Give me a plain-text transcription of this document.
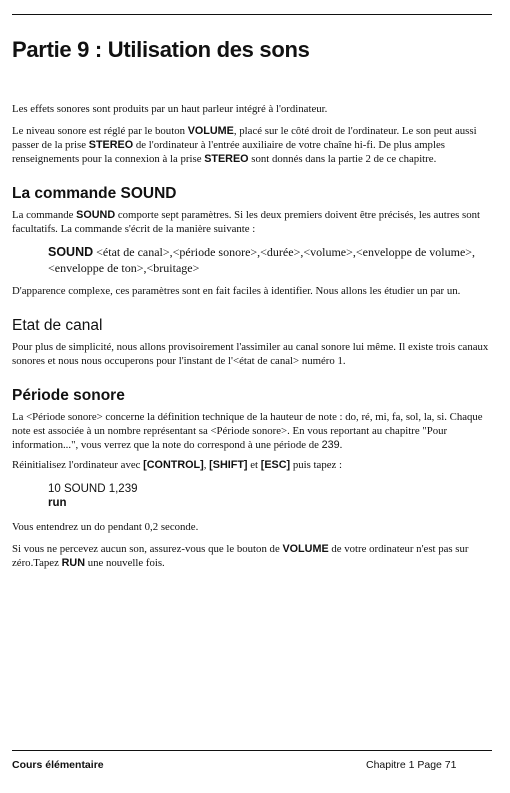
Partie 9 : Utilisation des sons

Les effets sonores sont produits par un haut parleur intégré à l'ordinateur.

Le niveau sonore est réglé par le bouton VOLUME, placé sur le côté droit de l'ordinateur. Le son peut aussi passer de la prise STEREO de l'ordinateur à l'entrée auxiliaire de votre chaîne hi-fi. De plus amples renseignements pour la connexion à la prise STEREO sont donnés dans la partie 2 de ce chapitre.

La commande SOUND

La commande SOUND comporte sept paramètres. Si les deux premiers doivent être précisés, les autres sont facultatifs. La commande s'écrit de la manière suivante :

SOUND <état de canal>,<période sonore>,<durée>,<volume>,<enveloppe de volume>,<enveloppe de ton>,<bruitage>

D'apparence complexe, ces paramètres sont en fait faciles à identifier. Nous allons les étudier un par un.

Etat de canal

Pour plus de simplicité, nous allons provisoirement l'assimiler au canal sonore lui même. Il existe trois canaux sonores et nous nous occuperons pour l'instant de l'<état de canal> numéro 1.

Période sonore

La <Période sonore> concerne la définition technique de la hauteur de note : do, ré, mi, fa, sol, la, si. Chaque note est associée à un nombre représentant sa <Période sonore>. En vous reportant au chapitre "Pour information...", vous verrez que la note do correspond à une période de 239.

Réinitialisez l'ordinateur avec [CONTROL], [SHIFT] et [ESC] puis tapez :

10 SOUND 1,239
run

Vous entendrez un do pendant 0,2 seconde.

Si vous ne percevez aucun son, assurez-vous que le bouton de VOLUME de votre ordinateur n'est pas sur zéro.Tapez RUN une nouvelle fois.

Cours élémentaire	Chapitre 1 Page 71
